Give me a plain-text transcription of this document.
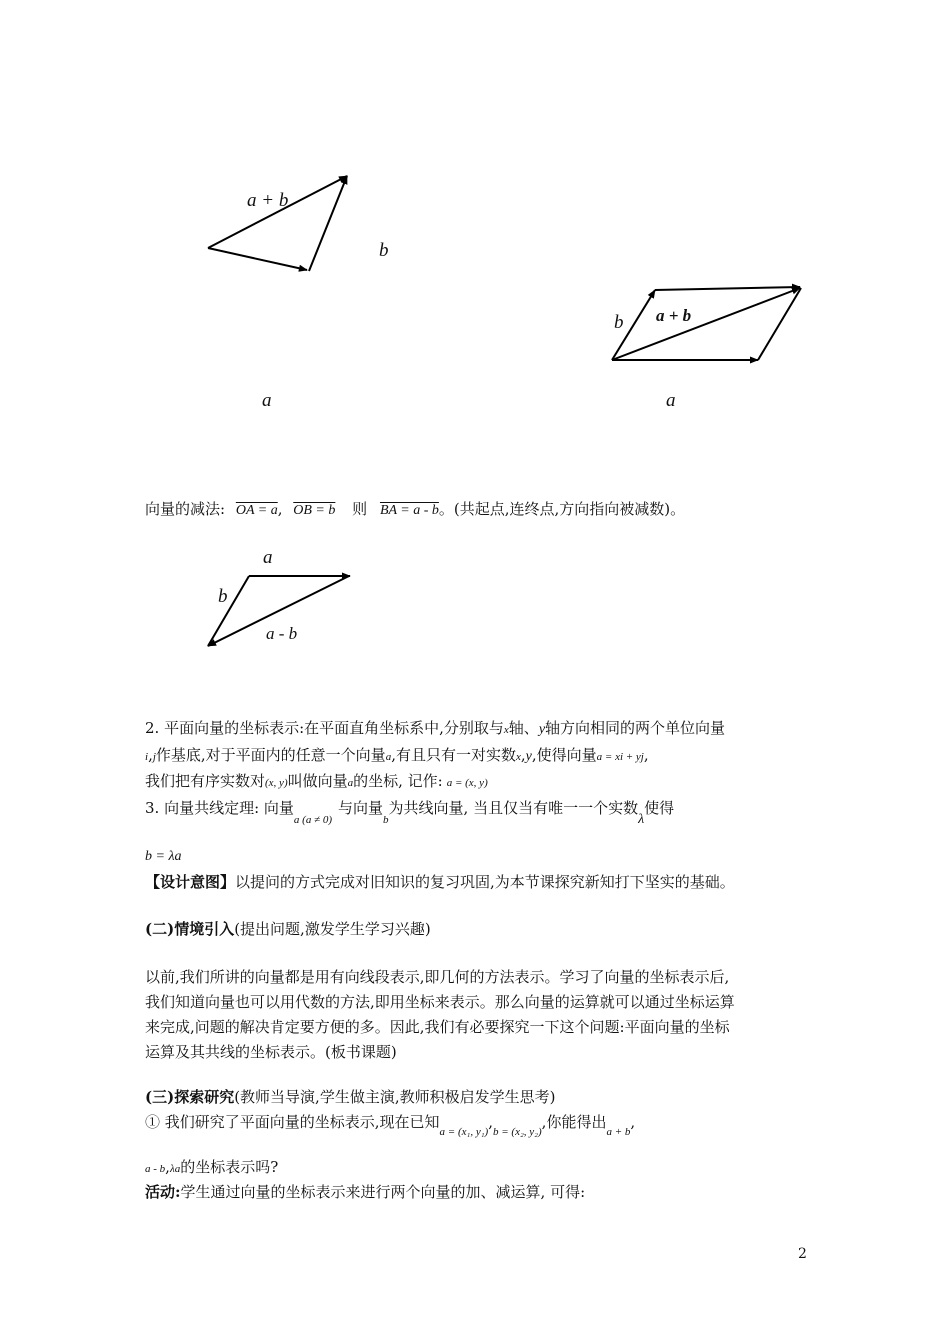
a + b
b
a
b a + b
a
a
b
a - b
向量的减法: OA = a, OB = b 则 BA = a - b。(共起点,连终点,方向指向被减数)。
2. 平面向量的坐标表示:在平面直角坐标系中,分别取与x轴、y轴方向相同的两个单位向量
i,j作基底,对于平面内的任意一个向量a,有且只有一对实数x,y,使得向量a = xi + yj,
我们把有序实数对(x, y)叫做向量a的坐标, 记作: a = (x, y)
3. 向量共线定理: 向量$_{a (a \ne 0)}$与向量$_b$为共线向量, 当且仅当有唯一一个实数λ使得
b = λa
【设计意图】以提问的方式完成对旧知识的复习巩固,为本节课探究新知打下坚实的基础。
(二)情境引入(提出问题,激发学生学习兴趣)
以前,我们所讲的向量都是用有向线段表示,即几何的方法表示。学习了向量的坐标表示后,
我们知道向量也可以用代数的方法,即用坐标来表示。那么向量的运算就可以通过坐标运算
来完成,问题的解决肯定要方便的多。因此,我们有必要探究一下这个问题:平面向量的坐标
运算及其共线的坐标表示。(板书课题)
(三)探索研究(教师当导演,学生做主演,教师积极启发学生思考)
① 我们研究了平面向量的坐标表示,现在已知$_{a = (x_1, y_1)},_{b = (x_2, y_2)}$,你能得出$_{a + b}$,
a - b,λa的坐标表示吗?
活动:学生通过向量的坐标表示来进行两个向量的加、减运算, 可得:
2
